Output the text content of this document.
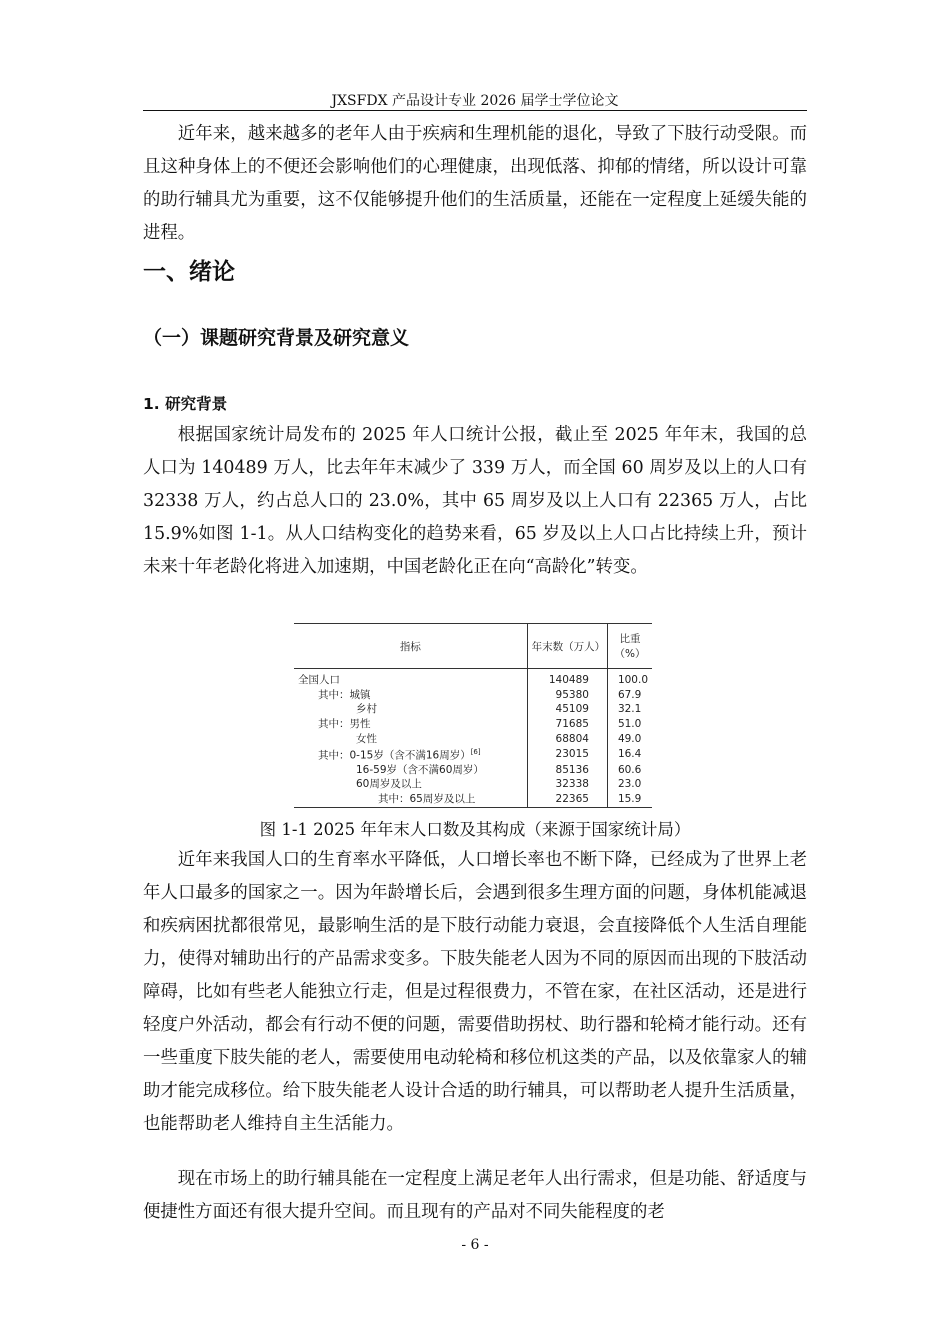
JXSFDX 产品设计专业 2026 届学士学位论文

近年来，越来越多的老年人由于疾病和生理机能的退化，导致了下肢行动受限。而且这种身体上的不便还会影响他们的心理健康，出现低落、抑郁的情绪，所以设计可靠的助行辅具尤为重要，这不仅能够提升他们的生活质量，还能在一定程度上延缓失能的进程。

一、绪论
（一）课题研究背景及研究意义
1. 研究背景

根据国家统计局发布的 2025 年人口统计公报，截止至 2025 年年末，我国的总人口为 140489 万人，比去年年末减少了 339 万人，而全国 60 周岁及以上的人口有 32338 万人，约占总人口的 23.0%，其中 65 周岁及以上人口有 22365 万人，占比 15.9%如图 1-1。从人口结构变化的趋势来看，65 岁及以上人口占比持续上升，预计未来十年老龄化将进入加速期，中国老龄化正在向“高龄化”转变。

指标	年末数（万人）	比重（%）
全国人口	140489	100.0
其中：城镇	95380	67.9
乡村	45109	32.1
其中：男性	71685	51.0
女性	68804	49.0
其中：0-15岁（含不满16周岁）[6]	23015	16.4
16-59岁（含不满60周岁）	85136	60.6
60周岁及以上	32338	23.0
其中：65周岁及以上	22365	15.9

图 1-1 2025 年年末人口数及其构成（来源于国家统计局）

近年来我国人口的生育率水平降低，人口增长率也不断下降，已经成为了世界上老年人口最多的国家之一。因为年龄增长后，会遇到很多生理方面的问题，身体机能减退和疾病困扰都很常见，最影响生活的是下肢行动能力衰退，会直接降低个人生活自理能力，使得对辅助出行的产品需求变多。下肢失能老人因为不同的原因而出现的下肢活动障碍，比如有些老人能独立行走，但是过程很费力，不管在家，在社区活动，还是进行轻度户外活动，都会有行动不便的问题，需要借助拐杖、助行器和轮椅才能行动。还有一些重度下肢失能的老人，需要使用电动轮椅和移位机这类的产品，以及依靠家人的辅助才能完成移位。给下肢失能老人设计合适的助行辅具，可以帮助老人提升生活质量，也能帮助老人维持自主生活能力。

现在市场上的助行辅具能在一定程度上满足老年人出行需求，但是功能、舒适度与便捷性方面还有很大提升空间。而且现有的产品对不同失能程度的老

- 6 -
